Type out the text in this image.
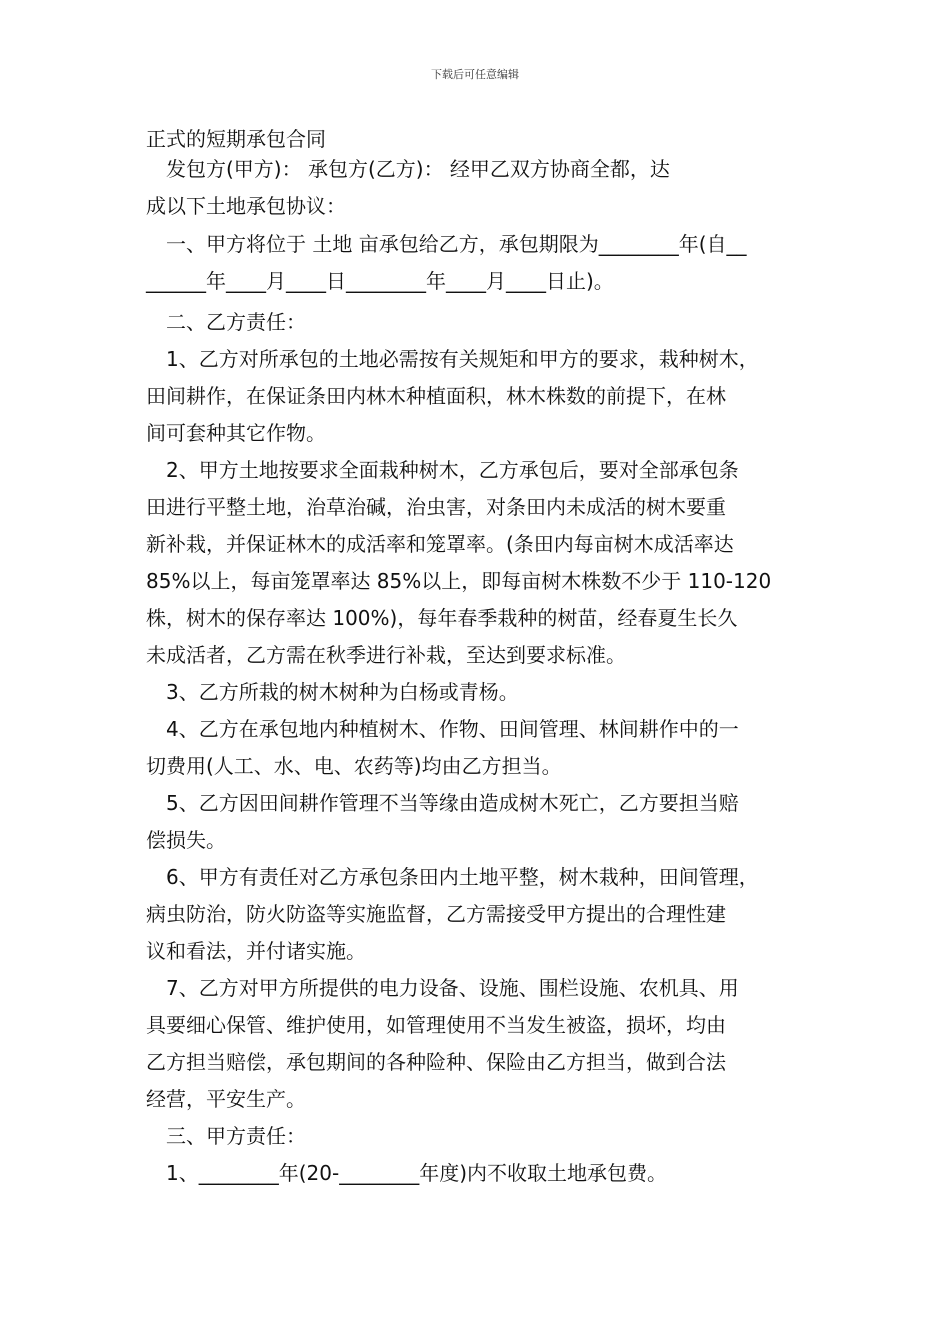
下载后可任意编辑
正式的短期承包合同
发包方(甲方)： 承包方(乙方)： 经甲乙双方协商全都，达
成以下土地承包协议：
一、甲方将位于 土地 亩承包给乙方，承包期限为________年(自__
______年____月____日________年____月____日止)。
二、乙方责任：
1、乙方对所承包的土地必需按有关规矩和甲方的要求，栽种树木，
田间耕作，在保证条田内林木种植面积，林木株数的前提下，在林
间可套种其它作物。
2、甲方土地按要求全面栽种树木，乙方承包后，要对全部承包条
田进行平整土地，治草治碱，治虫害，对条田内未成活的树木要重
新补栽，并保证林木的成活率和笼罩率。(条田内每亩树木成活率达
85%以上，每亩笼罩率达 85%以上，即每亩树木株数不少于 110-120
株，树木的保存率达 100%)，每年春季栽种的树苗，经春夏生长久
未成活者，乙方需在秋季进行补栽，至达到要求标准。
3、乙方所栽的树木树种为白杨或青杨。
4、乙方在承包地内种植树木、作物、田间管理、林间耕作中的一
切费用(人工、水、电、农药等)均由乙方担当。
5、乙方因田间耕作管理不当等缘由造成树木死亡，乙方要担当赔
偿损失。
6、甲方有责任对乙方承包条田内土地平整，树木栽种，田间管理，
病虫防治，防火防盗等实施监督，乙方需接受甲方提出的合理性建
议和看法，并付诸实施。
7、乙方对甲方所提供的电力设备、设施、围栏设施、农机具、用
具要细心保管、维护使用，如管理使用不当发生被盗，损坏，均由
乙方担当赔偿，承包期间的各种险种、保险由乙方担当，做到合法
经营，平安生产。
三、甲方责任：
1、________年(20-________年度)内不收取土地承包费。
